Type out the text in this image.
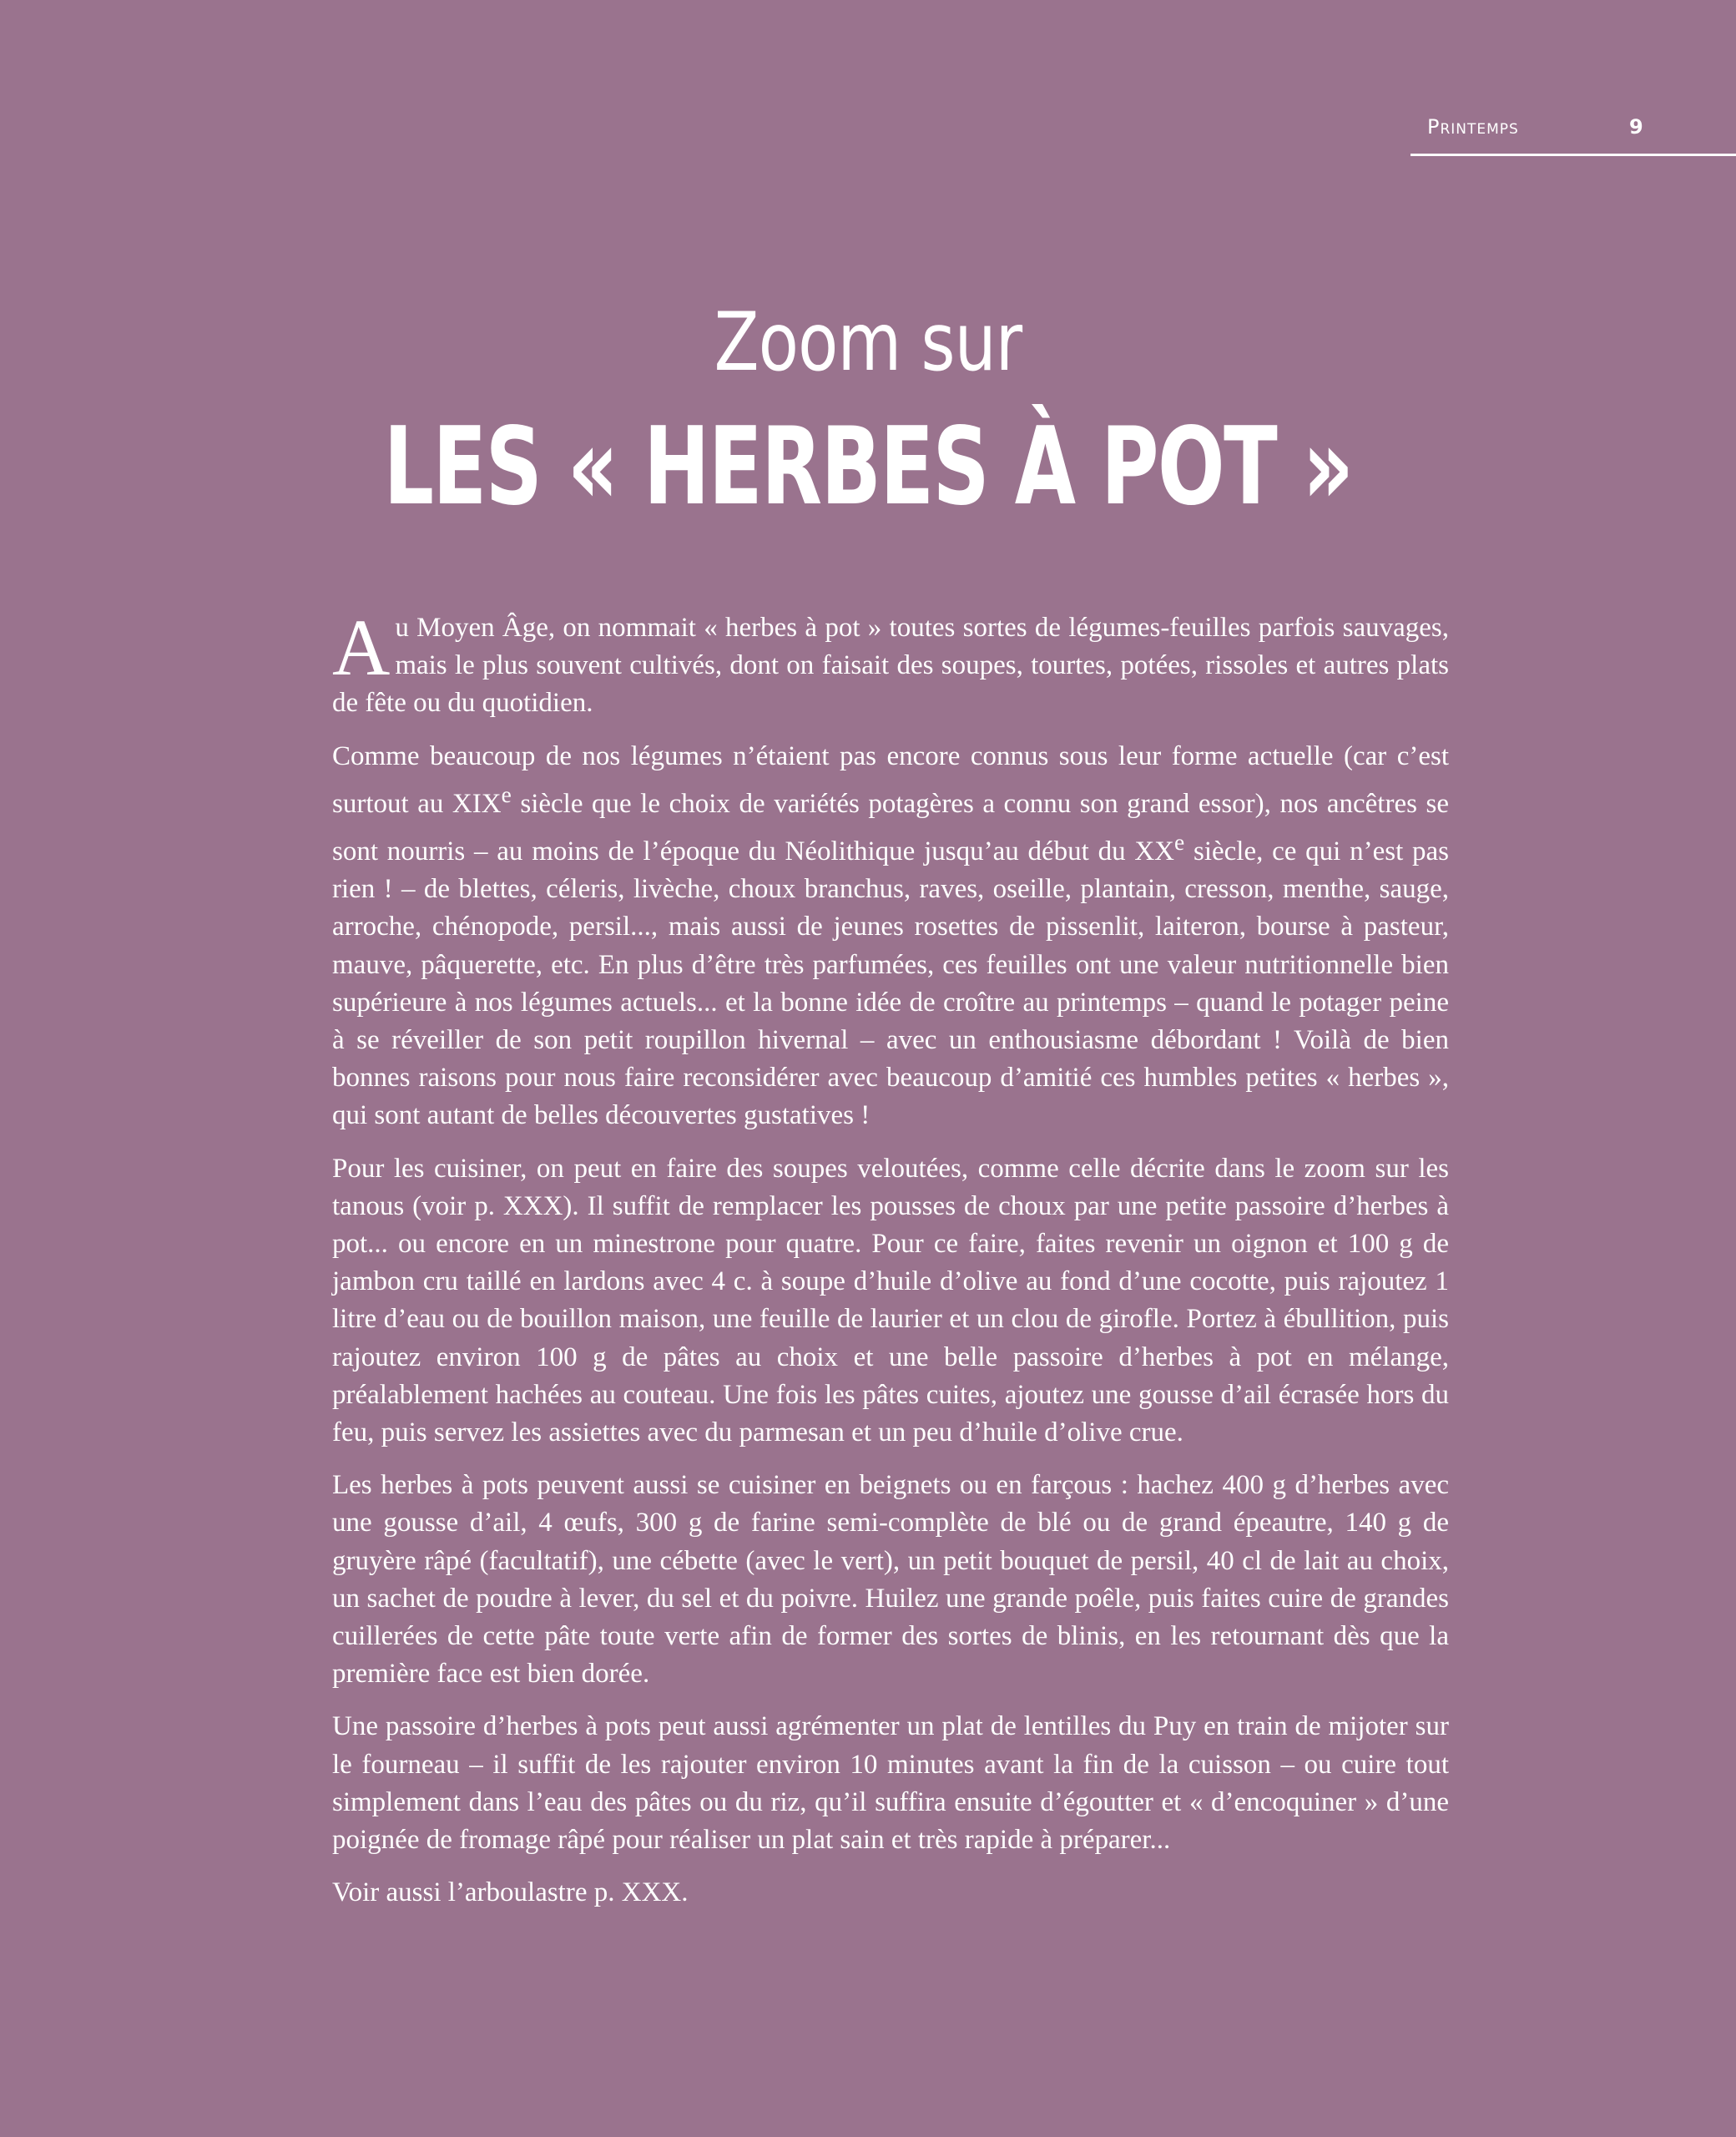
Printemps	9
Zoom sur
LES « HERBES À POT »

Au Moyen Âge, on nommait « herbes à pot » toutes sortes de légumes-feuilles parfois sauvages, mais le plus souvent cultivés, dont on faisait des soupes, tourtes, potées, rissoles et autres plats de fête ou du quotidien.

Comme beaucoup de nos légumes n’étaient pas encore connus sous leur forme actuelle (car c’est surtout au XIXe siècle que le choix de variétés potagères a connu son grand essor), nos ancêtres se sont nourris – au moins de l’époque du Néolithique jusqu’au début du XXe siècle, ce qui n’est pas rien ! – de blettes, céleris, livèche, choux branchus, raves, oseille, plantain, cresson, menthe, sauge, arroche, chénopode, persil..., mais aussi de jeunes rosettes de pissenlit, laiteron, bourse à pasteur, mauve, pâquerette, etc. En plus d’être très parfumées, ces feuilles ont une valeur nutritionnelle bien supérieure à nos légumes actuels... et la bonne idée de croître au printemps – quand le potager peine à se réveiller de son petit roupillon hivernal – avec un enthousiasme débordant ! Voilà de bien bonnes raisons pour nous faire reconsidérer avec beaucoup d’amitié ces humbles petites « herbes », qui sont autant de belles découvertes gustatives !

Pour les cuisiner, on peut en faire des soupes veloutées, comme celle décrite dans le zoom sur les tanous (voir p. XXX). Il suffit de remplacer les pousses de choux par une petite passoire d’herbes à pot... ou encore en un minestrone pour quatre. Pour ce faire, faites revenir un oignon et 100 g de jambon cru taillé en lardons avec 4 c. à soupe d’huile d’olive au fond d’une cocotte, puis rajoutez 1 litre d’eau ou de bouillon maison, une feuille de laurier et un clou de girofle. Portez à ébullition, puis rajoutez environ 100 g de pâtes au choix et une belle passoire d’herbes à pot en mélange, préalablement hachées au couteau. Une fois les pâtes cuites, ajoutez une gousse d’ail écrasée hors du feu, puis servez les assiettes avec du parmesan et un peu d’huile d’olive crue.

Les herbes à pots peuvent aussi se cuisiner en beignets ou en farçous : hachez 400 g d’herbes avec une gousse d’ail, 4 œufs, 300 g de farine semi-complète de blé ou de grand épeautre, 140 g de gruyère râpé (facultatif), une cébette (avec le vert), un petit bouquet de persil, 40 cl de lait au choix, un sachet de poudre à lever, du sel et du poivre. Huilez une grande poêle, puis faites cuire de grandes cuillerées de cette pâte toute verte afin de former des sortes de blinis, en les retournant dès que la première face est bien dorée.

Une passoire d’herbes à pots peut aussi agrémenter un plat de lentilles du Puy en train de mijoter sur le fourneau – il suffit de les rajouter environ 10 minutes avant la fin de la cuisson – ou cuire tout simplement dans l’eau des pâtes ou du riz, qu’il suffira ensuite d’égoutter et « d’encoquiner » d’une poignée de fromage râpé pour réaliser un plat sain et très rapide à préparer...

Voir aussi l’arboulastre p. XXX.
